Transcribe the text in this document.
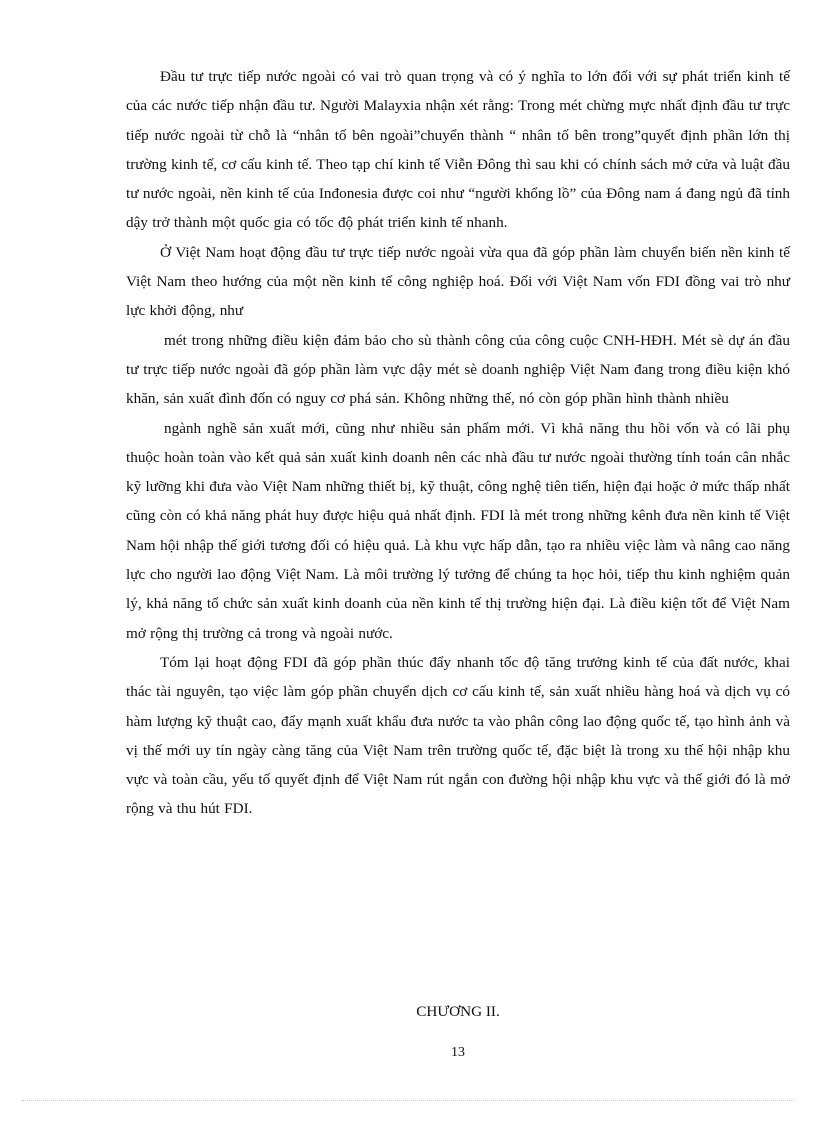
Đầu tư trực tiếp nước ngoài có vai trò quan trọng và có ý nghĩa to lớn đối với sự phát triển kinh tế của các nước tiếp nhận đầu tư. Người Malayxia nhận xét rằng: Trong mét chừng mực nhất định đầu tư trực tiếp nước ngoài từ chỗ là “nhân tố bên ngoài”chuyển thành “ nhân tố bên trong”quyết định phần lớn thị trường kinh tế, cơ cấu kinh tế. Theo tạp chí kinh tế Viễn Đông thì sau khi có chính sách mở cửa và luật đầu tư nước ngoài, nền kinh tế của Inđonesia được coi như “người khổng lồ” của Đông nam á đang ngủ đã tỉnh dậy trở thành một quốc gia có tốc độ phát triển kinh tế nhanh.

Ở Việt Nam hoạt động đầu tư trực tiếp nước ngoài vừa qua đã góp phần làm chuyển biến nền kinh tế Việt Nam theo hướng của một nền kinh tế công nghiệp hoá. Đối với Việt Nam vốn FDI đồng vai trò như lực khởi động, như

mét trong những điều kiện đảm bảo cho sù thành công của công cuộc CNH-HĐH. Mét sè dự án đầu tư trực tiếp nước ngoài đã góp phần làm vực dậy mét sè doanh nghiệp Việt Nam đang trong điều kiện khó khăn, sản xuất đình đốn có nguy cơ phá sản. Không những thế, nó còn góp phần hình thành nhiều

ngành nghề sản xuất mới, cũng như nhiều sản phẩm mới. Vì khả năng thu hồi vốn và có lãi phụ thuộc hoàn toàn vào kết quả sản xuất kinh doanh nên các nhà đầu tư nước ngoài thường tính toán cân nhắc kỹ lưỡng khi đưa vào Việt Nam những thiết bị, kỹ thuật, công nghệ tiên tiến, hiện đại hoặc ở mức thấp nhất cũng còn có khả năng phát huy được hiệu quả nhất định. FDI là mét trong những kênh đưa nền kinh tế Việt Nam hội nhập thế giới tương đối có hiệu quả. Là khu vực hấp dẫn, tạo ra nhiều việc làm và nâng cao năng lực cho người lao động Việt Nam. Là môi trường lý tưởng để chúng ta học hỏi, tiếp thu kinh nghiệm quản lý, khả năng tổ chức sản xuất kinh doanh của nền kinh tế thị trường hiện đại. Là điều kiện tốt để Việt Nam mở rộng thị trường cả trong và ngoài nước.

Tóm lại hoạt động FDI đã góp phần thúc đẩy nhanh tốc độ tăng trưởng kinh tế của đất nước, khai thác tài nguyên, tạo việc làm góp phần chuyển dịch cơ cấu kinh tế, sản xuất nhiều hàng hoá và dịch vụ có hàm lượng kỹ thuật cao, đẩy mạnh xuất khẩu đưa nước ta vào phân công lao động quốc tế, tạo hình ảnh và vị thế mới uy tín ngày càng tăng của Việt Nam trên trường quốc tế, đặc biệt là trong xu thế hội nhập khu vực và toàn cầu, yếu tố quyết định để Việt Nam rút ngắn con đường hội nhập khu vực và thế giới đó là mở rộng và thu hút FDI.

CHƯƠNG II.
13
